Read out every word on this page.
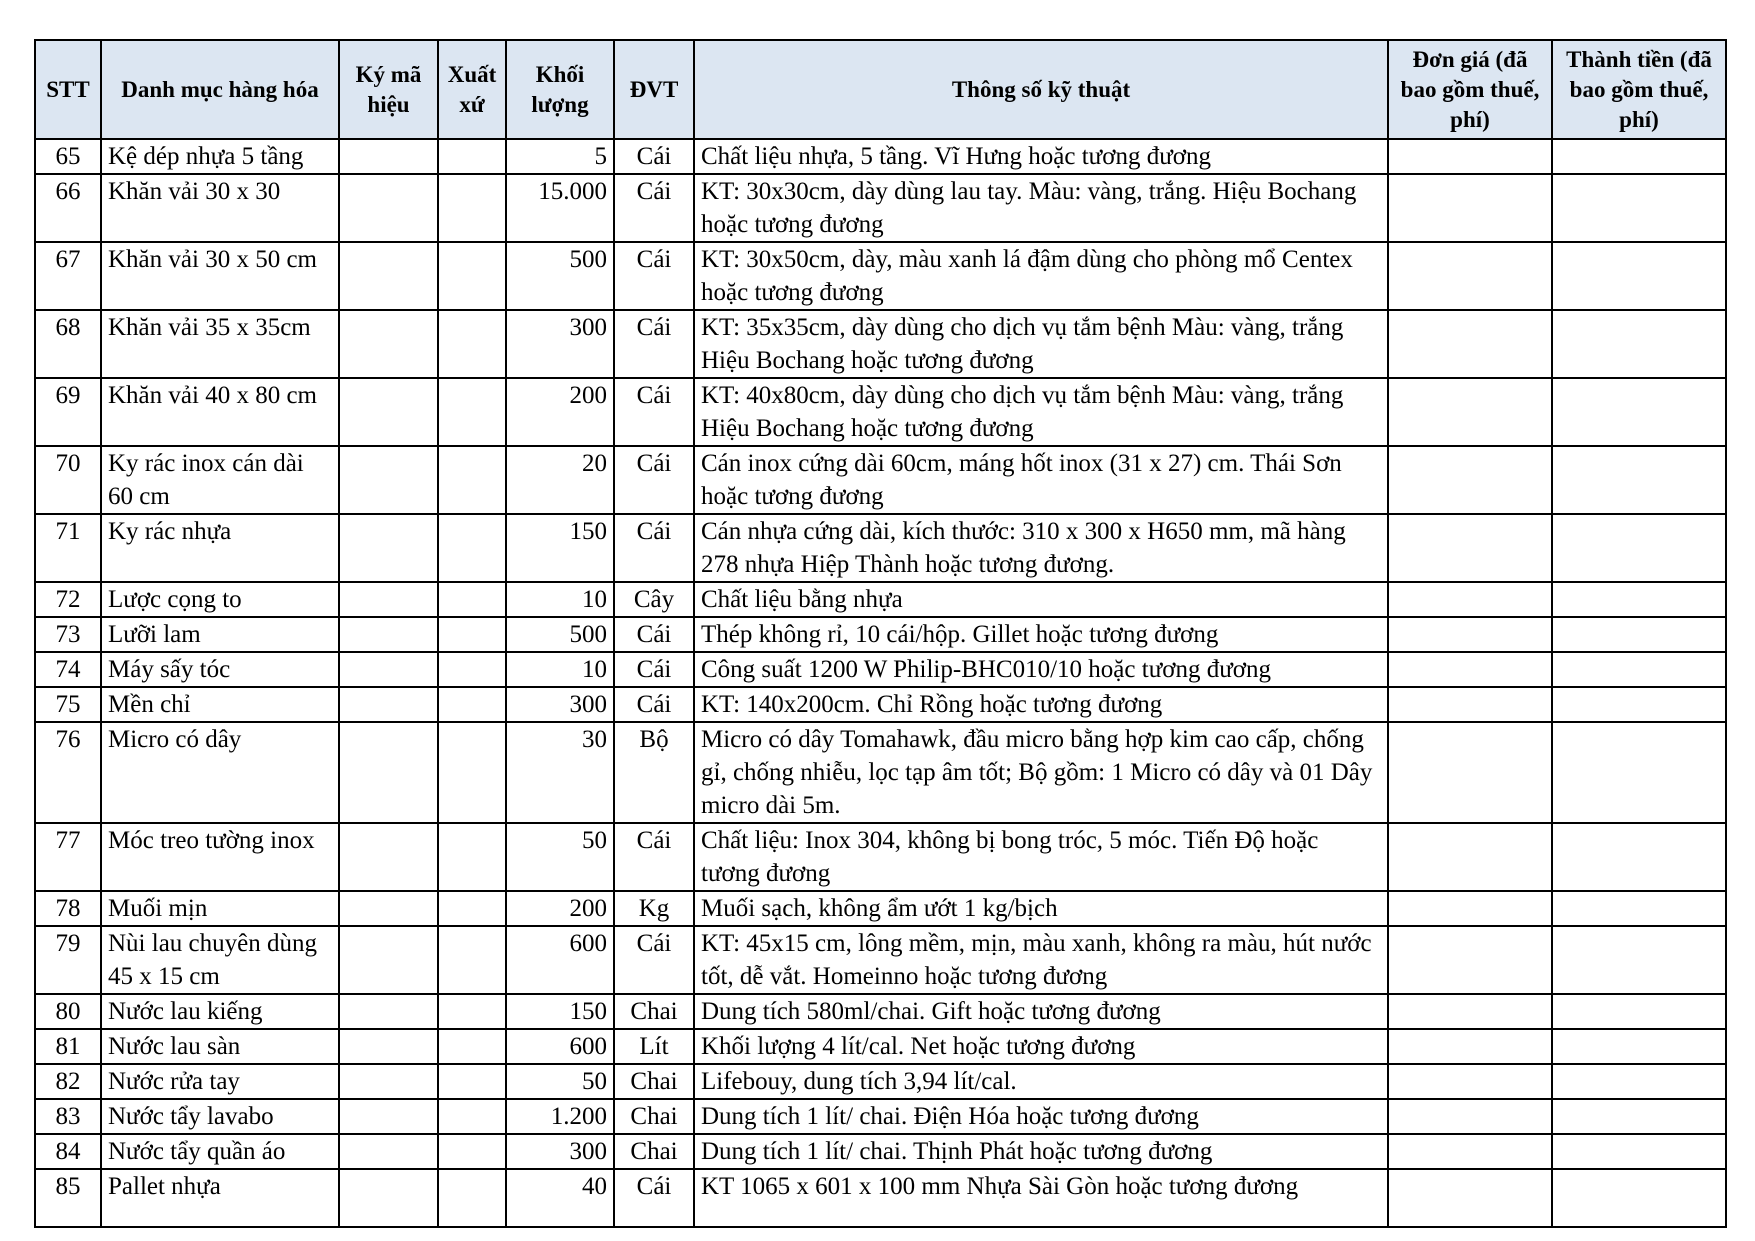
STT	Danh mục hàng hóa	Ký mã hiệu	Xuất xứ	Khối lượng	ĐVT	Thông số kỹ thuật	Đơn giá (đã bao gồm thuế, phí)	Thành tiền (đã bao gồm thuế, phí)
65	Kệ dép nhựa 5 tầng			5	Cái	Chất liệu nhựa, 5 tầng. Vĩ Hưng hoặc tương đương		
66	Khăn vải 30 x 30			15.000	Cái	KT: 30x30cm, dày dùng lau tay. Màu: vàng, trắng. Hiệu Bochang hoặc tương đương		
67	Khăn vải 30 x 50 cm			500	Cái	KT: 30x50cm, dày, màu xanh lá đậm dùng cho phòng mổ Centex hoặc tương đương		
68	Khăn vải 35 x 35cm			300	Cái	KT: 35x35cm, dày dùng cho dịch vụ tắm bệnh Màu: vàng, trắng Hiệu Bochang hoặc tương đương		
69	Khăn vải 40 x 80 cm			200	Cái	KT: 40x80cm, dày dùng cho dịch vụ tắm bệnh Màu: vàng, trắng Hiệu Bochang hoặc tương đương		
70	Ky rác inox cán dài 60 cm			20	Cái	Cán inox cứng dài 60cm, máng hốt inox (31 x 27) cm. Thái Sơn hoặc tương đương		
71	Ky rác nhựa			150	Cái	Cán nhựa cứng dài, kích thước: 310 x 300 x H650 mm, mã hàng 278 nhựa Hiệp Thành hoặc tương đương.		
72	Lược cọng to			10	Cây	Chất liệu bằng nhựa		
73	Lưỡi lam			500	Cái	Thép không rỉ, 10 cái/hộp. Gillet hoặc tương đương		
74	Máy sấy tóc			10	Cái	Công suất 1200 W Philip-BHC010/10 hoặc tương đương		
75	Mền chỉ			300	Cái	KT: 140x200cm. Chỉ Rồng hoặc tương đương		
76	Micro có dây			30	Bộ	Micro có dây Tomahawk, đầu micro bằng hợp kim cao cấp, chống gỉ, chống nhiễu, lọc tạp âm tốt; Bộ gồm: 1 Micro có dây và 01 Dây micro dài 5m.		
77	Móc treo tường inox			50	Cái	Chất liệu: Inox 304, không bị bong tróc, 5 móc. Tiến Độ hoặc tương đương		
78	Muối mịn			200	Kg	Muối sạch, không ẩm ướt 1 kg/bịch		
79	Nùi lau chuyên dùng 45 x 15 cm			600	Cái	KT: 45x15 cm, lông mềm, mịn, màu xanh, không ra màu, hút nước tốt, dễ vắt. Homeinno hoặc tương đương		
80	Nước lau kiếng			150	Chai	Dung tích 580ml/chai. Gift hoặc tương đương		
81	Nước lau sàn			600	Lít	Khối lượng 4 lít/cal. Net hoặc tương đương		
82	Nước rửa tay			50	Chai	Lifebouy, dung tích 3,94 lít/cal.		
83	Nước tẩy lavabo			1.200	Chai	Dung tích 1 lít/ chai. Điện Hóa hoặc tương đương		
84	Nước tẩy quần áo			300	Chai	Dung tích 1 lít/ chai. Thịnh Phát hoặc tương đương		
85	Pallet nhựa			40	Cái	KT 1065 x 601 x 100 mm Nhựa Sài Gòn hoặc tương đương		
